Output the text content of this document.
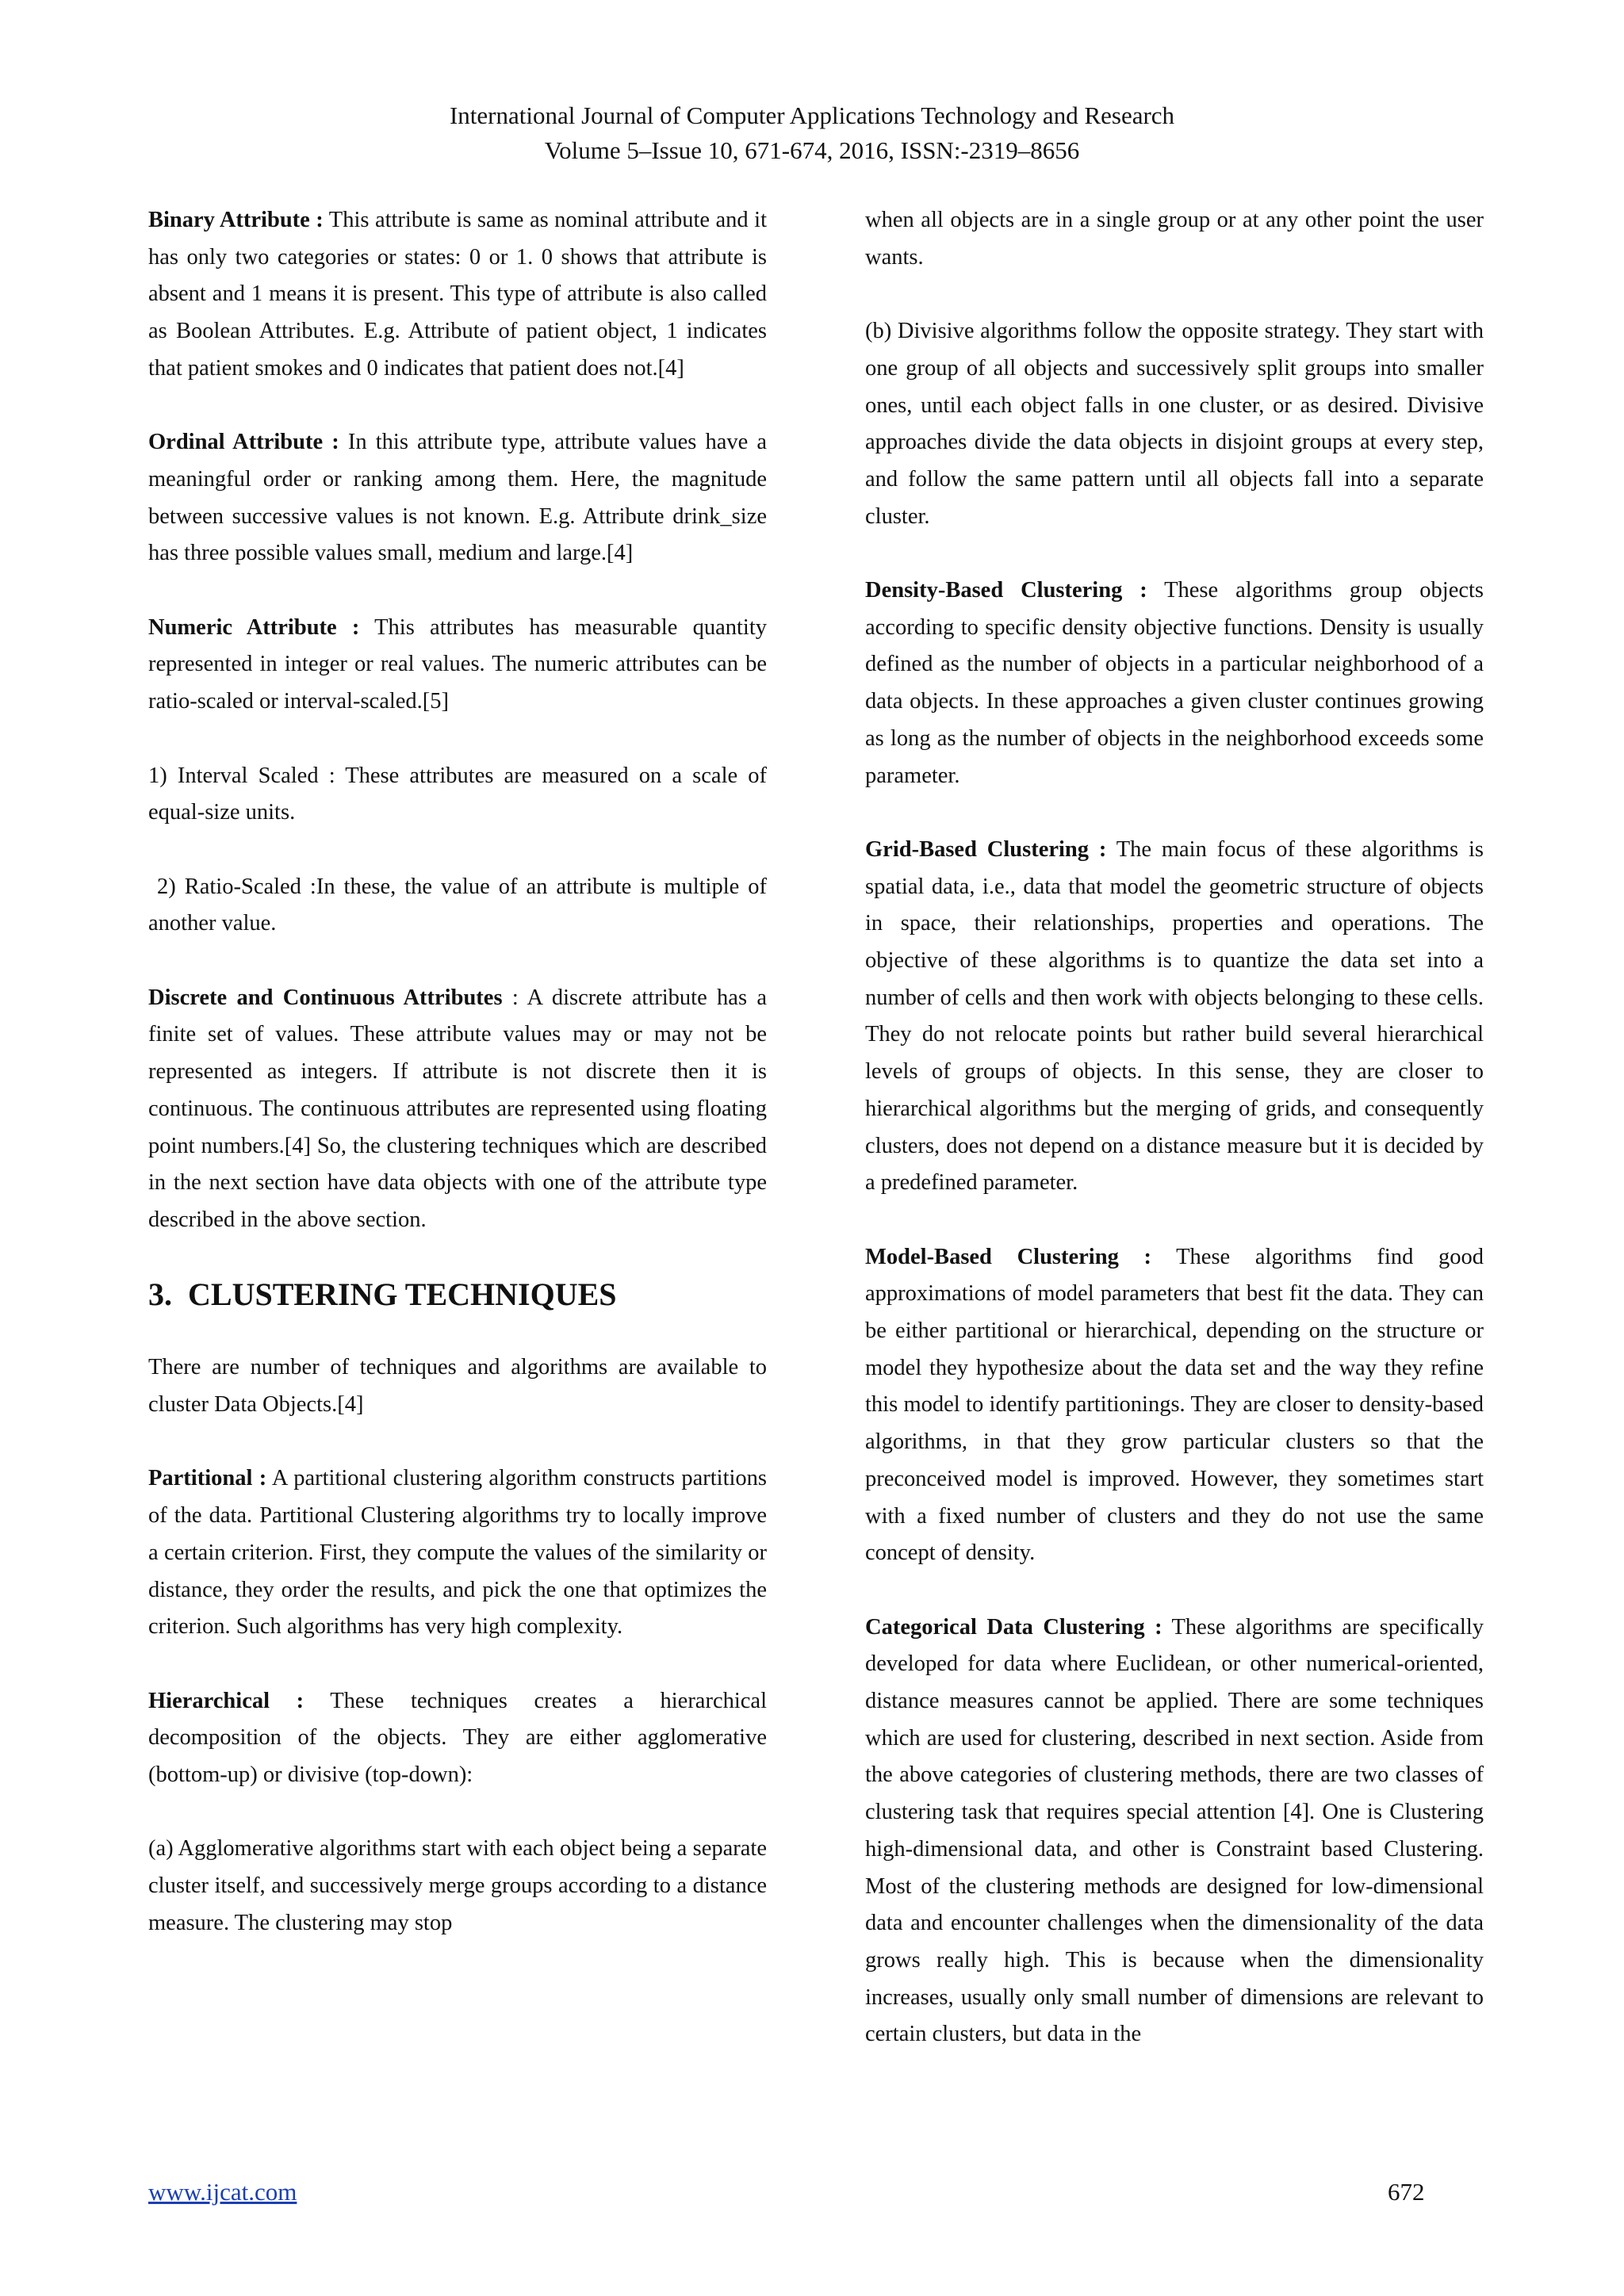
International Journal of Computer Applications Technology and Research
Volume 5–Issue 10, 671-674, 2016, ISSN:-2319–8656

Binary Attribute : This attribute is same as nominal attribute and it has only two categories or states: 0 or 1. 0 shows that attribute is absent and 1 means it is present. This type of attribute is also called as Boolean Attributes. E.g. Attribute of patient object, 1 indicates that patient smokes and 0 indicates that patient does not.[4]

Ordinal Attribute : In this attribute type, attribute values have a meaningful order or ranking among them. Here, the magnitude between successive values is not known. E.g. Attribute drink_size has three possible values small, medium and large.[4]

Numeric Attribute : This attributes has measurable quantity represented in integer or real values. The numeric attributes can be ratio-scaled or interval-scaled.[5]

1) Interval Scaled : These attributes are measured on a scale of equal-size units.

2) Ratio-Scaled :In these, the value of an attribute is multiple of another value.

Discrete and Continuous Attributes : A discrete attribute has a finite set of values. These attribute values may or may not be represented as integers. If attribute is not discrete then it is continuous. The continuous attributes are represented using floating point numbers.[4] So, the clustering techniques which are described in the next section have data objects with one of the attribute type described in the above section.

3.  CLUSTERING TECHNIQUES

There are number of techniques and algorithms are available to cluster Data Objects.[4]

Partitional : A partitional clustering algorithm constructs partitions of the data. Partitional Clustering algorithms try to locally improve a certain criterion. First, they compute the values of the similarity or distance, they order the results, and pick the one that optimizes the criterion. Such algorithms has very high complexity.

Hierarchical : These techniques creates a hierarchical decomposition of the objects. They are either agglomerative (bottom-up) or divisive (top-down):

(a) Agglomerative algorithms start with each object being a separate cluster itself, and successively merge groups according to a distance measure. The clustering may stop

when all objects are in a single group or at any other point the user wants.

(b) Divisive algorithms follow the opposite strategy. They start with one group of all objects and successively split groups into smaller ones, until each object falls in one cluster, or as desired. Divisive approaches divide the data objects in disjoint groups at every step, and follow the same pattern until all objects fall into a separate cluster.

Density-Based Clustering : These algorithms group objects according to specific density objective functions. Density is usually defined as the number of objects in a particular neighborhood of a data objects. In these approaches a given cluster continues growing as long as the number of objects in the neighborhood exceeds some parameter.

Grid-Based Clustering : The main focus of these algorithms is spatial data, i.e., data that model the geometric structure of objects in space, their relationships, properties and operations. The objective of these algorithms is to quantize the data set into a number of cells and then work with objects belonging to these cells. They do not relocate points but rather build several hierarchical levels of groups of objects. In this sense, they are closer to hierarchical algorithms but the merging of grids, and consequently clusters, does not depend on a distance measure but it is decided by a predefined parameter.

Model-Based Clustering : These algorithms find good approximations of model parameters that best fit the data. They can be either partitional or hierarchical, depending on the structure or model they hypothesize about the data set and the way they refine this model to identify partitionings. They are closer to density-based algorithms, in that they grow particular clusters so that the preconceived model is improved. However, they sometimes start with a fixed number of clusters and they do not use the same concept of density.

Categorical Data Clustering : These algorithms are specifically developed for data where Euclidean, or other numerical-oriented, distance measures cannot be applied. There are some techniques which are used for clustering, described in next section. Aside from the above categories of clustering methods, there are two classes of clustering task that requires special attention [4]. One is Clustering high-dimensional data, and other is Constraint based Clustering. Most of the clustering methods are designed for low-dimensional data and encounter challenges when the dimensionality of the data grows really high. This is because when the dimensionality increases, usually only small number of dimensions are relevant to certain clusters, but data in the

www.ijcat.com	672
